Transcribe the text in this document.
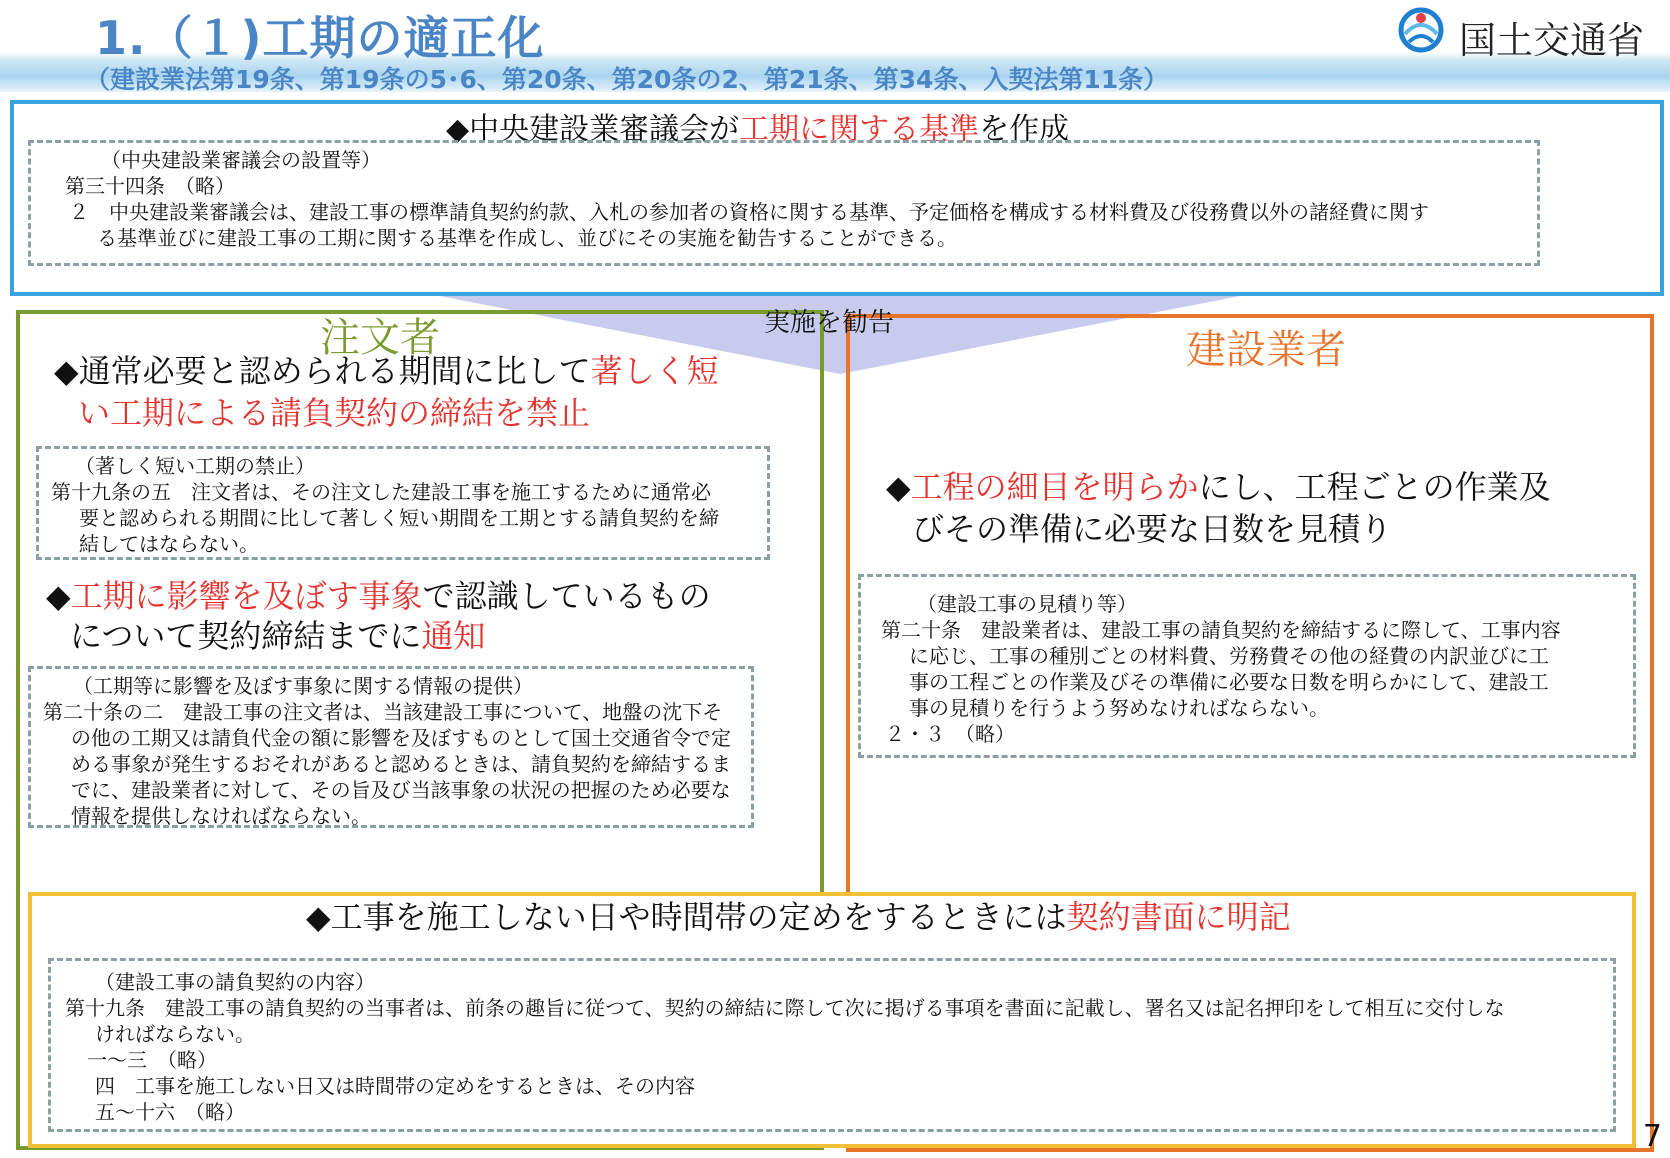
1.（１)工期の適正化
（建設業法第19条、第19条の5･6、第20条、第20条の2、第21条、第34条、入契法第11条）
国土交通省
◆中央建設業審議会が工期に関する基準を作成
（中央建設業審議会の設置等）
第三十四条　（略）
２　中央建設業審議会は、建設工事の標準請負契約約款、入札の参加者の資格に関する基準、予定価格を構成する材料費及び役務費以外の諸経費に関す
る基準並びに建設工事の工期に関する基準を作成し、並びにその実施を勧告することができる。
注文者
◆通常必要と認められる期間に比して著しく短
い工期による請負契約の締結を禁止
（著しく短い工期の禁止）
第十九条の五　注文者は、その注文した建設工事を施工するために通常必
要と認められる期間に比して著しく短い期間を工期とする請負契約を締
結してはならない。
◆工期に影響を及ぼす事象で認識しているもの
について契約締結までに通知
（工期等に影響を及ぼす事象に関する情報の提供）
第二十条の二　建設工事の注文者は、当該建設工事について、地盤の沈下そ
の他の工期又は請負代金の額に影響を及ぼすものとして国土交通省令で定
める事象が発生するおそれがあると認めるときは、請負契約を締結するま
でに、建設業者に対して、その旨及び当該事象の状況の把握のため必要な
情報を提供しなければならない。
建設業者
◆工程の細目を明らかにし、工程ごとの作業及
びその準備に必要な日数を見積り
（建設工事の見積り等）
第二十条　建設業者は、建設工事の請負契約を締結するに際して、工事内容
に応じ、工事の種別ごとの材料費、労務費その他の経費の内訳並びに工
事の工程ごとの作業及びその準備に必要な日数を明らかにして、建設工
事の見積りを行うよう努めなければならない。
２・３　（略）
実施を勧告
◆工事を施工しない日や時間帯の定めをするときには契約書面に明記
（建設工事の請負契約の内容）
第十九条　建設工事の請負契約の当事者は、前条の趣旨に従つて、契約の締結に際して次に掲げる事項を書面に記載し、署名又は記名押印をして相互に交付しな
ければならない。
一～三　（略）
四　工事を施工しない日又は時間帯の定めをするときは、その内容
五～十六　（略）
7
